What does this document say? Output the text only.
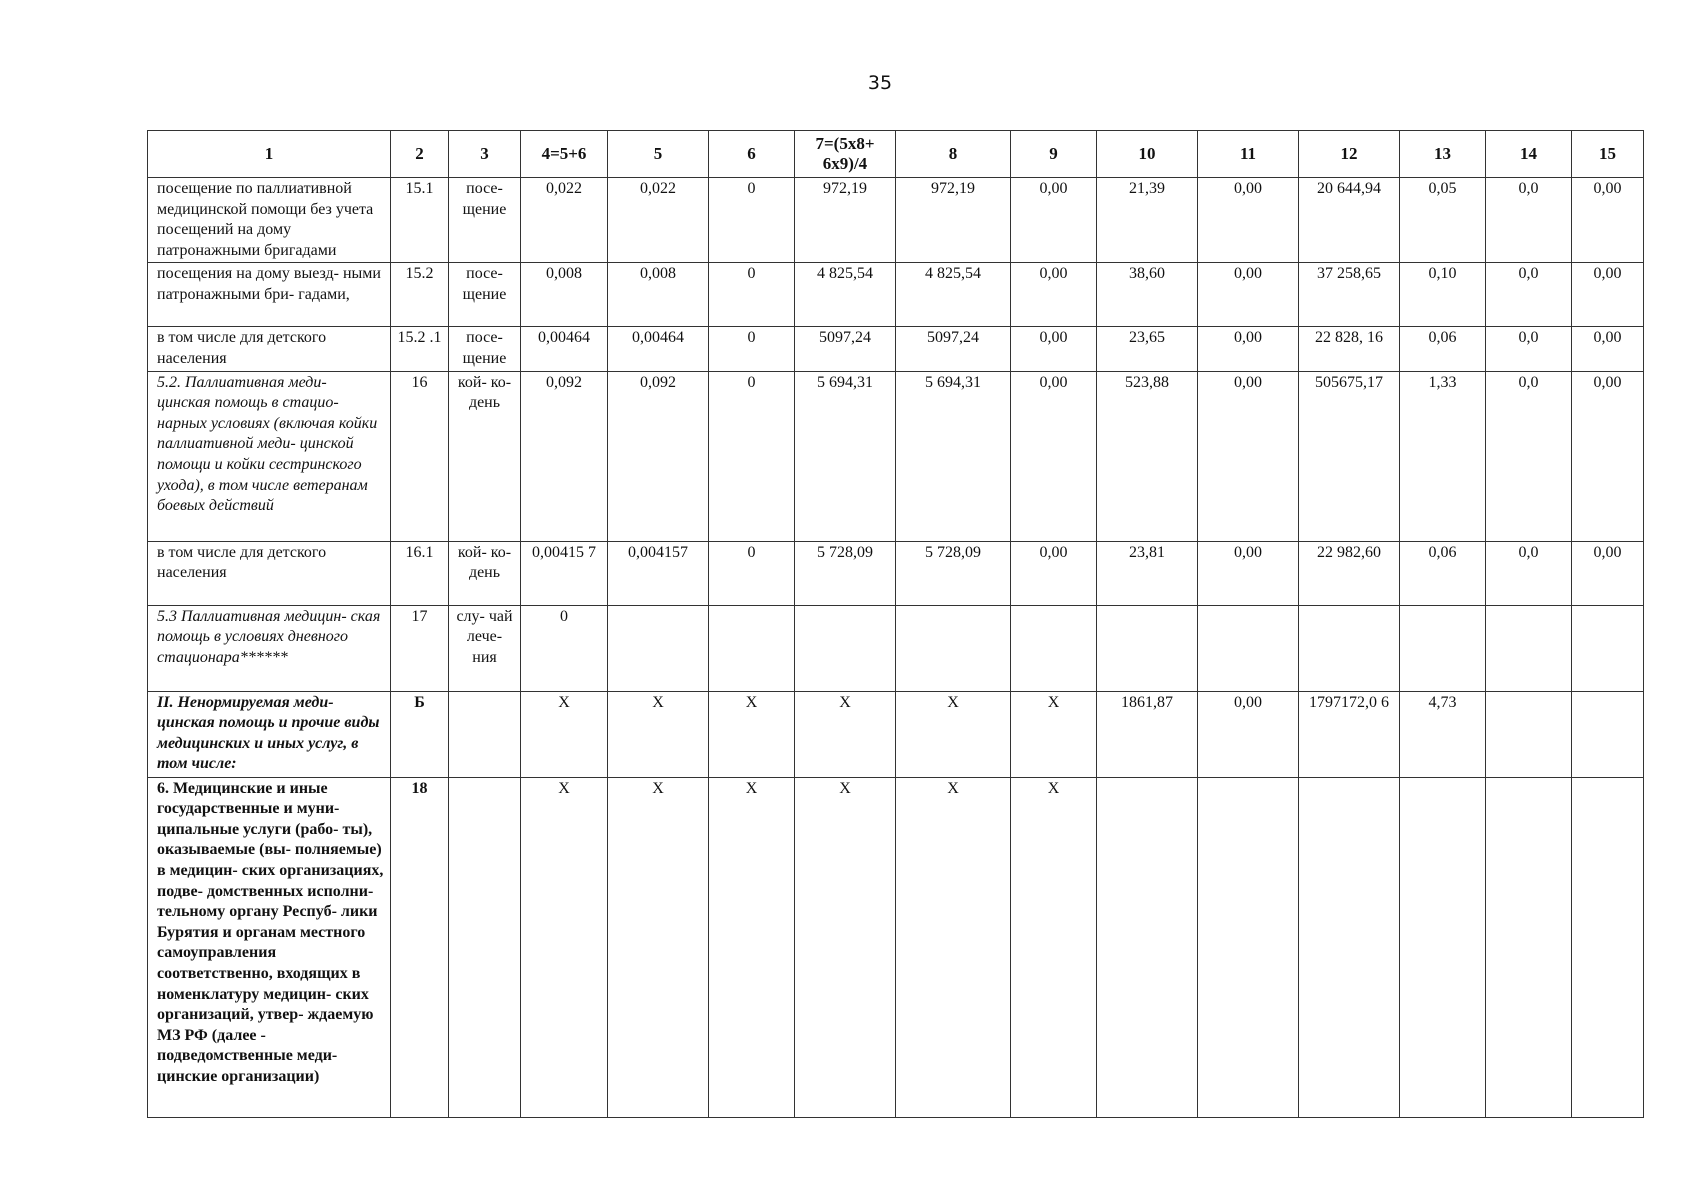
35
1	2	3	4=5+6	5	6	7=(5х8+ 6х9)/4	8	9	10	11	12	13	14	15
посещение по паллиативной медицинской помощи без учета посещений на дому патронажными бригадами	15.1	посе- щение	0,022	0,022	0	972,19	972,19	0,00	21,39	0,00	20 644,94	0,05	0,0	0,00
посещения на дому выезд- ными патронажными бри- гадами,	15.2	посе- щение	0,008	0,008	0	4 825,54	4 825,54	0,00	38,60	0,00	37 258,65	0,10	0,0	0,00
в том числе для детского населения	15.2 .1	посе- щение	0,00464	0,00464	0	5097,24	5097,24	0,00	23,65	0,00	22 828, 16	0,06	0,0	0,00
5.2. Паллиативная меди- цинская помощь в стацио- нарных условиях (включая койки паллиативной меди- цинской помощи и койки сестринского ухода), в том числе ветеранам боевых действий	16	кой- ко- день	0,092	0,092	0	5 694,31	5 694,31	0,00	523,88	0,00	505675,17	1,33	0,0	0,00
в том числе для детского населения	16.1	кой- ко- день	0,00415 7	0,004157	0	5 728,09	5 728,09	0,00	23,81	0,00	22 982,60	0,06	0,0	0,00
5.3 Паллиативная медицин- ская помощь в условиях дневного стационара******	17	слу- чай лече- ния	0											
II. Ненормируемая меди- цинская помощь и прочие виды медицинских и иных услуг, в том числе:	Б		Х	Х	Х	Х	Х	Х	1861,87	0,00	1797172,0 6	4,73		
6. Медицинские и иные государственные и муни- ципальные услуги (рабо- ты), оказываемые (вы- полняемые) в медицин- ских организациях, подве- домственных исполни- тельному органу Респуб- лики Бурятия и органам местного самоуправления соответственно, входящих в номенклатуру медицин- ских организаций, утвер- ждаемую МЗ РФ (далее - подведомственные меди- цинские организации)	18		Х	Х	Х	Х	Х	Х						
